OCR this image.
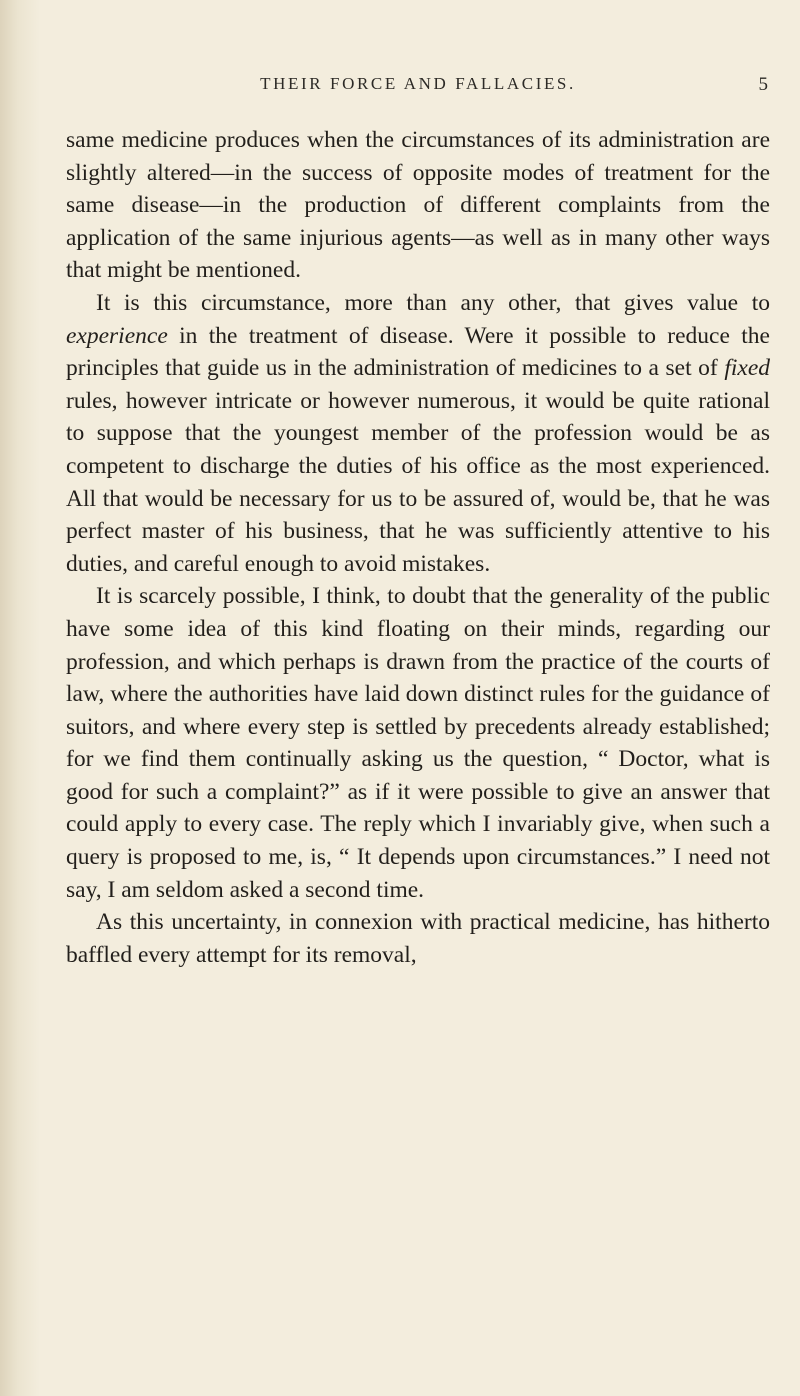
THEIR FORCE AND FALLACIES.	5

same medicine produces when the circumstances of its administration are slightly altered—in the success of opposite modes of treatment for the same disease—in the production of different complaints from the application of the same injurious agents—as well as in many other ways that might be mentioned.

It is this circumstance, more than any other, that gives value to experience in the treatment of disease. Were it possible to reduce the principles that guide us in the administration of medicines to a set of fixed rules, however intricate or however numerous, it would be quite rational to suppose that the youngest member of the profession would be as competent to discharge the duties of his office as the most experienced. All that would be necessary for us to be assured of, would be, that he was perfect master of his business, that he was sufficiently attentive to his duties, and careful enough to avoid mistakes.

It is scarcely possible, I think, to doubt that the generality of the public have some idea of this kind floating on their minds, regarding our profession, and which perhaps is drawn from the practice of the courts of law, where the authorities have laid down distinct rules for the guidance of suitors, and where every step is settled by precedents already established; for we find them continually asking us the question, “ Doctor, what is good for such a complaint?” as if it were possible to give an answer that could apply to every case. The reply which I invariably give, when such a query is proposed to me, is, “ It depends upon circumstances.” I need not say, I am seldom asked a second time.

As this uncertainty, in connexion with practical medicine, has hitherto baffled every attempt for its removal,
